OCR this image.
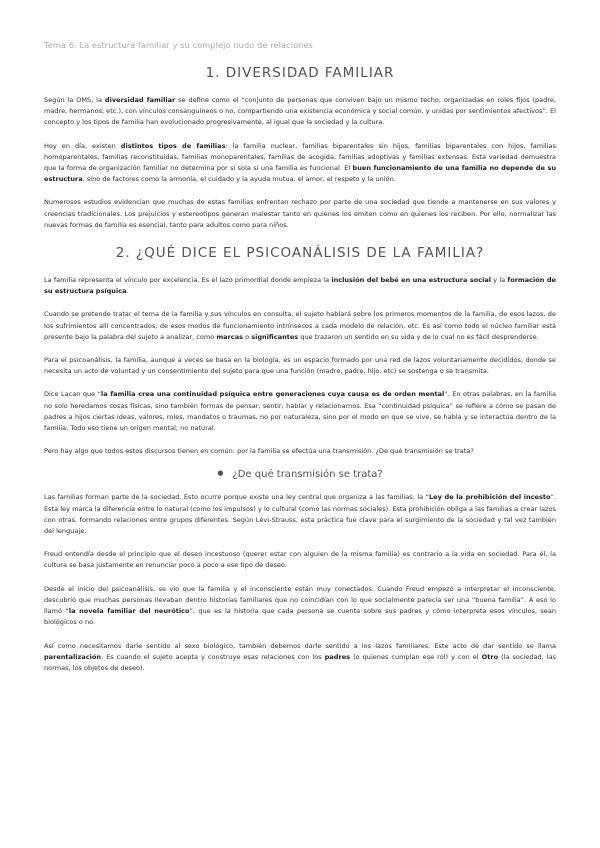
Tema 6. La estructura familiar y su complejo nudo de relaciones
1. DIVERSIDAD FAMILIAR

Según la OMS, la diversidad familiar se define como el “conjunto de personas que conviven bajo un mismo techo, organizadas en roles fijos (padre, madre, hermanos, etc.), con vínculos consanguíneos o no, compartiendo una existencia económica y social común, y unidas por sentimientos afectivos”. El concepto y los tipos de familia han evolucionado progresivamente, al igual que la sociedad y la cultura.

Hoy en día, existen distintos tipos de familias: la familia nuclear, familias biparentales sin hijos, familias biparentales con hijos, familias homoparentales, familias reconstituidas, familias monoparentales, familias de acogida, familias adoptivas y familias extensas. Esta variedad demuestra que la forma de organización familiar no determina por sí sola si una familia es funcional. El buen funcionamiento de una familia no depende de su estructura, sino de factores como la armonía, el cuidado y la ayuda mutua, el amor, el respeto y la unión.

Numerosos estudios evidencian que muchas de estas familias enfrentan rechazo por parte de una sociedad que tiende a mantenerse en sus valores y creencias tradicionales. Los prejuicios y estereotipos generan malestar tanto en quienes los emiten como en quienes los reciben. Por ello, normalizar las nuevas formas de familia es esencial, tanto para adultos como para niños.

2. ¿QUÉ DICE EL PSICOANÁLISIS DE LA FAMILIA?

La familia representa el vínculo por excelencia. Es el lazo primordial donde empieza la inclusión del bebé en una estructura social y la formación de su estructura psíquica.

Cuando se pretende tratar el tema de la familia y sus vínculos en consulta, el sujeto hablará sobre los primeros momentos de la familia, de esos lazos, de los sufrimientos allí concentrados, de esos modos de funcionamiento intrínsecos a cada modelo de relación, etc. Es así como todo el núcleo familiar está presente bajo la palabra del sujeto a analizar, como marcas o significantes que trazaron un sentido en su vida y de lo cual no es fácil desprenderse.

Para el psicoanálisis, la familia, aunque a veces se basa en la biología, es un espacio formado por una red de lazos voluntariamente decididos, donde se necesita un acto de voluntad y un consentimiento del sujeto para que una función (madre, padre, hijo, etc) se sostenga o se transmita.

Dice Lacan que “la familia crea una continuidad psíquica entre generaciones cuya causa es de orden mental”. En otras palabras, en la familia no solo heredamos cosas físicas, sino también formas de pensar, sentir, hablar y relacionarnos. Esa “continuidad psíquica” se refiere a cómo se pasan de padres a hijos ciertas ideas, valores, roles, mandatos o traumas, no por naturaleza, sino por el modo en que se vive, se habla y se interactúa dentro de la familia. Todo eso tiene un origen mental, no natural.

Pero hay algo que todos estos discursos tienen en común: por la familia se efectúa una transmisión. ¿De qué transmisión se trata?

● ¿De qué transmisión se trata?

Las familias forman parte de la sociedad. Esto ocurre porque existe una ley central que organiza a las familias: la “Ley de la prohibición del incesto”. Esta ley marca la diferencia entre lo natural (como los impulsos) y lo cultural (como las normas sociales). Esta prohibición obliga a las familias a crear lazos con otras, formando relaciones entre grupos diferentes. Según Lévi-Strauss, esta práctica fue clave para el surgimiento de la sociedad y tal vez también del lenguaje.

Freud entendía desde el principio que el deseo incestuoso (querer estar con alguien de la misma familia) es contrario a la vida en sociedad. Para él, la cultura se basa justamente en renunciar poco a poco a ese tipo de deseo.

Desde el inicio del psicoanálisis, se vio que la familia y el inconsciente están muy conectados. Cuando Freud empezó a interpretar el inconsciente, descubrió que muchas personas llevaban dentro historias familiares que no coincidían con lo que socialmente parecía ser una “buena familia”. A eso lo llamó “la novela familiar del neurótico”, que es la historia que cada persona se cuenta sobre sus padres y cómo interpreta esos vínculos, sean biológicos o no.

Así como necesitamos darle sentido al sexo biológico, también debemos darle sentido a los lazos familiares. Este acto de dar sentido se llama parentalización. Es cuando el sujeto acepta y construye esas relaciones con los padres (o quienes cumplan ese rol) y con el Otro (la sociedad, las normas, los objetos de deseo).
